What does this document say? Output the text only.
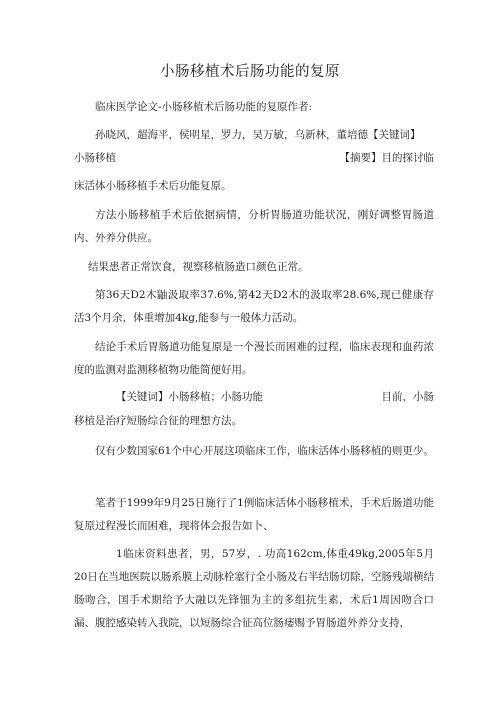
小肠移植术后肠功能的复原

临床医学论文-小肠移植术后肠功能的复原作者:

孙晓风，超海平，侯明星，罗力，吴万敏，乌新林，董培德【关键词】
小肠移植	【摘要】目的探讨临
床活体小肠移植手术后功能复原。

方法小肠移植手术后依据病情，分析胃肠道功能状况，刚好调整胃肠道内、外养分供应。

结果患者正常饮食，视察移植肠造口颜色正常。

第36天D2木鼬汲取率37.6%,第42天D2木的汲取率28.6%,现已健康存活3个月余，体重增加4kg,能参与一般体力活动。

结论手术后胃肠道功能复原是一个漫长而困难的过程，临床表现和血药浓度的监测对监测移植物功能简便好用。

【关键词】小肠移植；小肠功能	目前，小肠
移植是治疗短肠综合征的理想方法。

仅有少数国家61个中心开展这项临床工作，临床活体小肠移植的则更少。

笔者于1999年9月25日施行了1例临床活体小肠移植术，手术后肠道功能复原过程漫长而困难，现将体会报告如卜、

1临床资料患者，男，57岁，. 功高162cm,体重49kg,2005年5月20日在当地医院以肠系膜上动脉栓塞行全小肠及右半结肠切除，空肠残端横结肠吻合，国手术期给予大融以先锋钿为主的多组抗生素，术后1周因吻合口漏、腹腔感染转入我院，以短肠综合征高位肠痿赐予胃肠道外养分支持，
